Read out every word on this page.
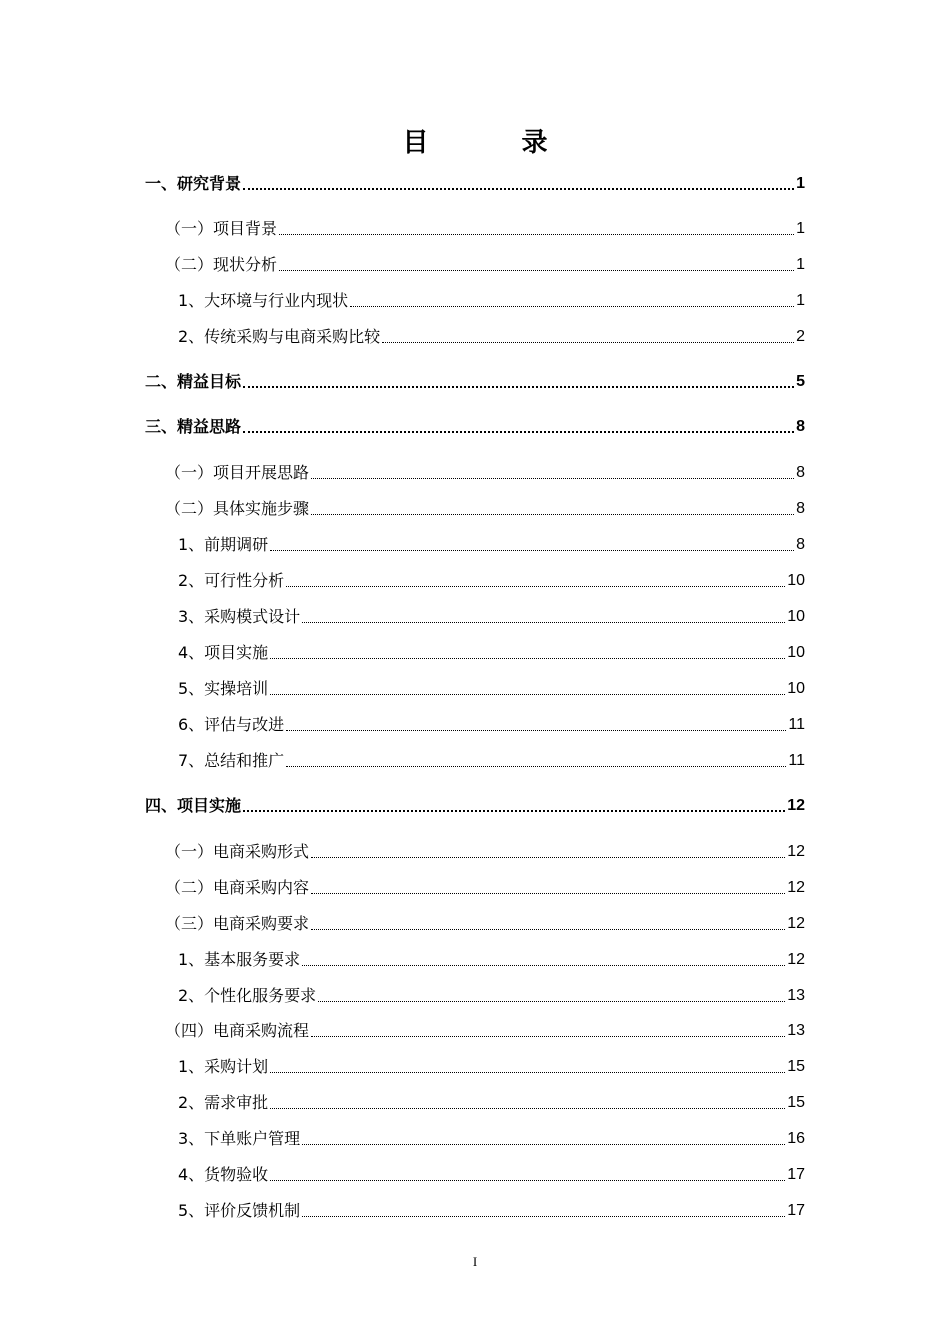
目 录
一、研究背景	1
（一）项目背景	1
（二）现状分析	1
1、大环境与行业内现状	1
2、传统采购与电商采购比较	2
二、精益目标	5
三、精益思路	8
（一）项目开展思路	8
（二）具体实施步骤	8
1、前期调研	8
2、可行性分析	10
3、采购模式设计	10
4、项目实施	10
5、实操培训	10
6、评估与改进	11
7、总结和推广	11
四、项目实施	12
（一）电商采购形式	12
（二）电商采购内容	12
（三）电商采购要求	12
1、基本服务要求	12
2、个性化服务要求	13
（四）电商采购流程	13
1、采购计划	15
2、需求审批	15
3、下单账户管理	16
4、货物验收	17
5、评价反馈机制	17
I
